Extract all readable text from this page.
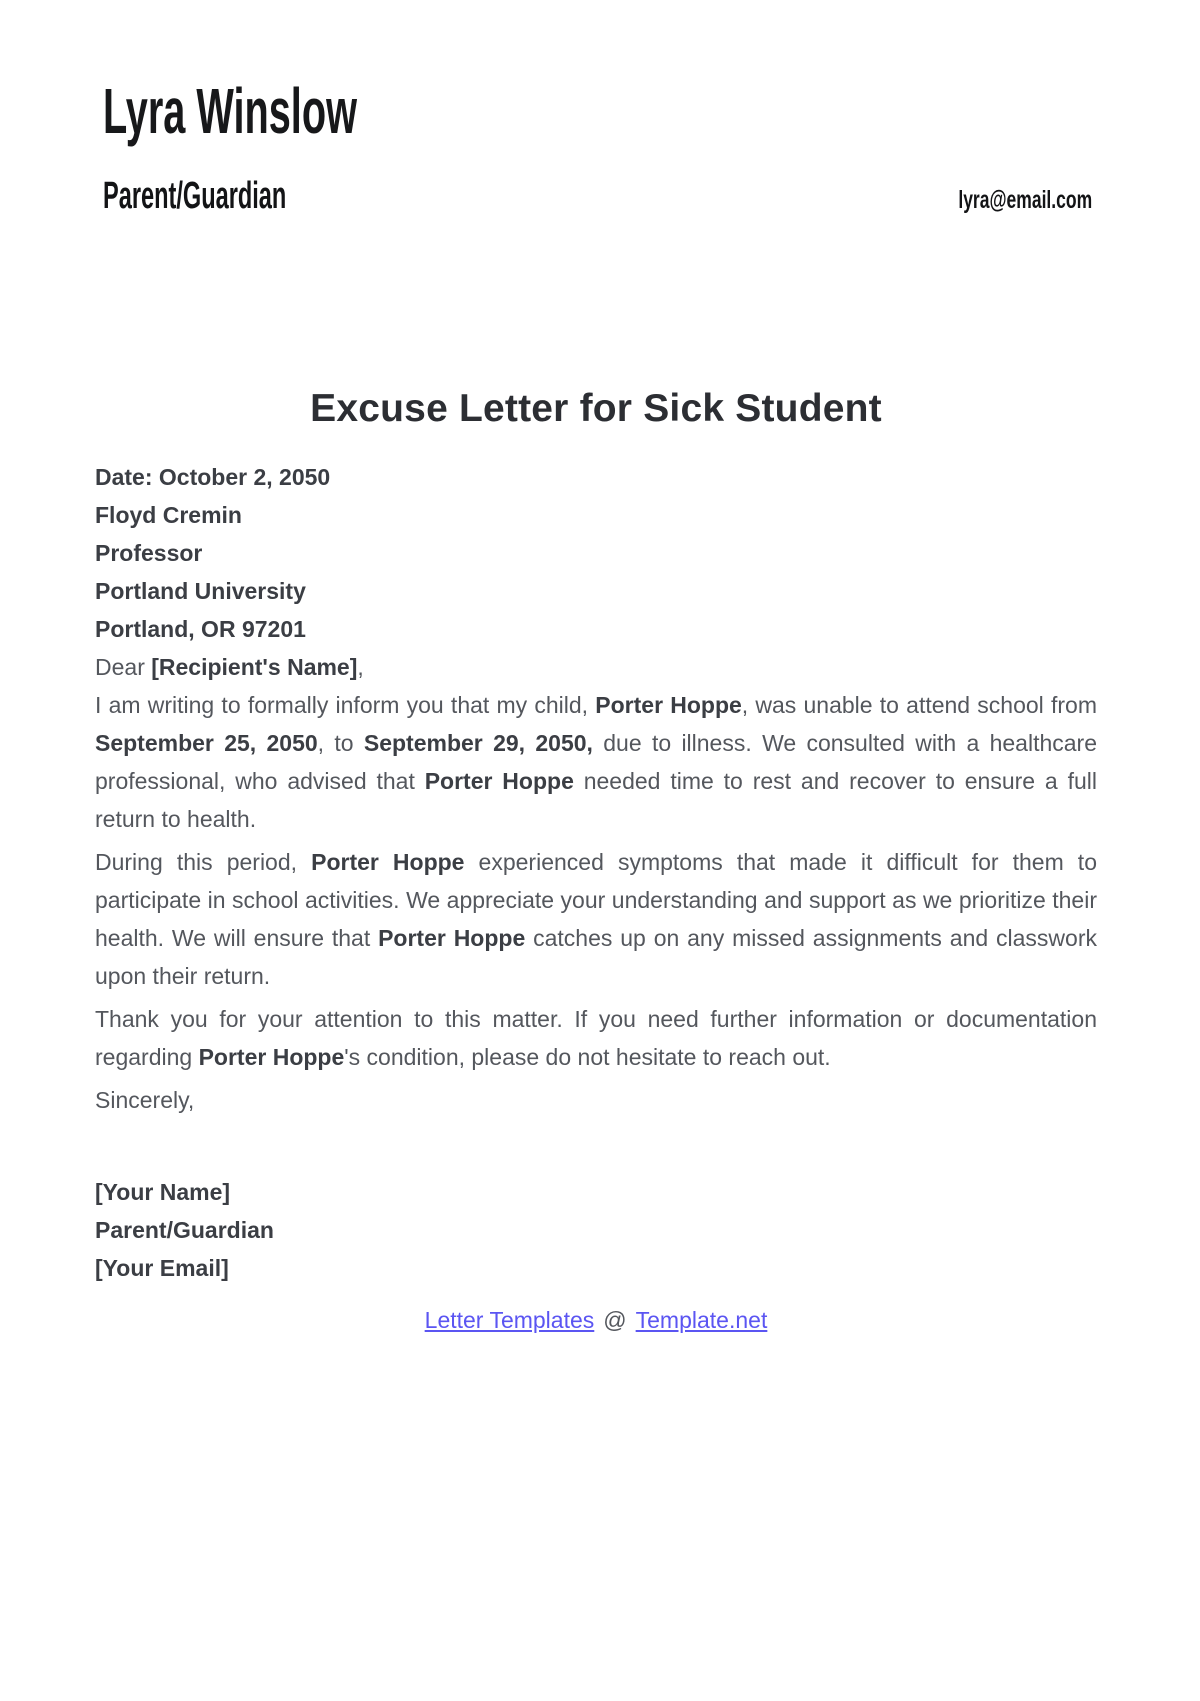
Lyra Winslow
Parent/Guardian	lyra@email.com
Excuse Letter for Sick Student
Date: October 2, 2050
Floyd Cremin
Professor
Portland University
Portland, OR 97201
Dear [Recipient's Name],

I am writing to formally inform you that my child, Porter Hoppe, was unable to attend school from September 25, 2050, to September 29, 2050, due to illness. We consulted with a healthcare professional, who advised that Porter Hoppe needed time to rest and recover to ensure a full return to health.

During this period, Porter Hoppe experienced symptoms that made it difficult for them to participate in school activities. We appreciate your understanding and support as we prioritize their health. We will ensure that Porter Hoppe catches up on any missed assignments and classwork upon their return.

Thank you for your attention to this matter. If you need further information or documentation regarding Porter Hoppe's condition, please do not hesitate to reach out.

Sincerely,

[Your Name]
Parent/Guardian
[Your Email]
Letter Templates @ Template.net
